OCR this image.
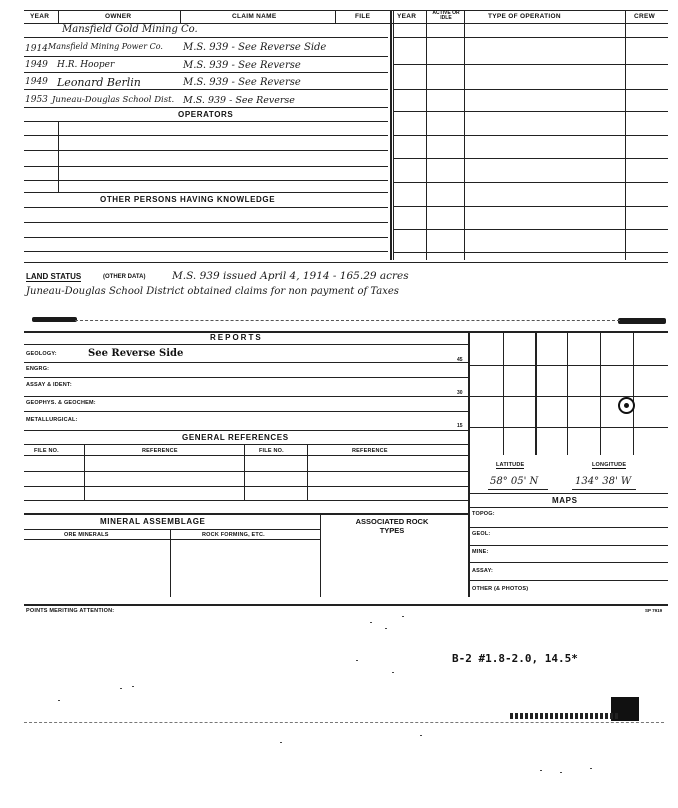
YEAR	OWNER	CLAIM NAME	FILE	YEAR	ACTIVE OR IDLE	TYPE OF OPERATION	CREW
Mansfield Gold Mining Co.
1914 Mansfield Mining Power Co. M.S. 939 - See Reverse Side
1949 H.R. Hooper	M.S. 939 - See Reverse
1949 Leonard Berlin	M.S. 939 - See Reverse
1953 Juneau-Douglas School Dist. M.S. 939 - See Reverse
OPERATORS
OTHER PERSONS HAVING KNOWLEDGE
LAND STATUS	(OTHER DATA)	M.S. 939 issued April 4, 1914 - 165.29 acres
Juneau-Douglas School District obtained claims for non payment of Taxes
REPORTS
GEOLOGY:	See Reverse Side
45
ENGRG:
ASSAY & IDENT:
30
GEOPHYS. & GEOCHEM:
METALLURGICAL:
15
GENERAL REFERENCES
FILE NO.	REFERENCE	FILE NO.	REFERENCE
LATITUDE	LONGITUDE
58° 05' N	134° 38' W
MAPS
TOPOG:
GEOL:
MINE:
ASSAY:
OTHER (& PHOTOS)
MINERAL ASSEMBLAGE
ORE MINERALS	ROCK FORMING, ETC.
ASSOCIATED ROCK TYPES
POINTS MERITING ATTENTION:	SP 7919
B-2 #1.8-2.0, 14.5*
